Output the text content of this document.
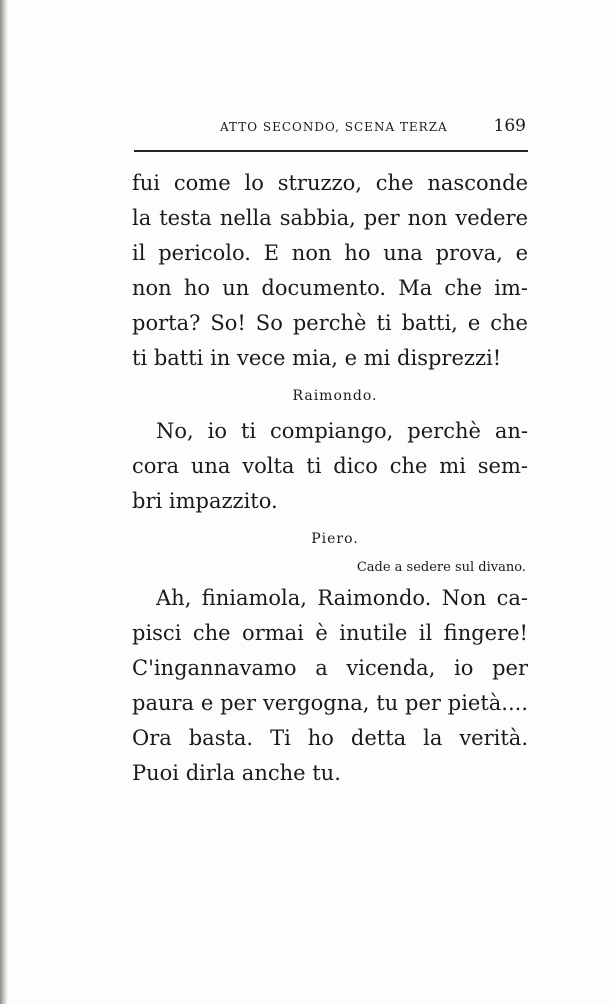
ATTO SECONDO, SCENA TERZA	169
fui come lo struzzo, che nasconde
la testa nella sabbia, per non vedere
il pericolo. E non ho una prova, e
non ho un documento. Ma che im-
porta? So! So perchè ti batti, e che
ti batti in vece mia, e mi disprezzi!
Raimondo.
No, io ti compiango, perchè an-
cora una volta ti dico che mi sem-
bri impazzito.
Piero.
Cade a sedere sul divano.
Ah, finiamola, Raimondo. Non ca-
pisci che ormai è inutile il fingere!
C'ingannavamo a vicenda, io per
paura e per vergogna, tu per pietà....
Ora basta. Ti ho detta la verità.
Puoi dirla anche tu.
